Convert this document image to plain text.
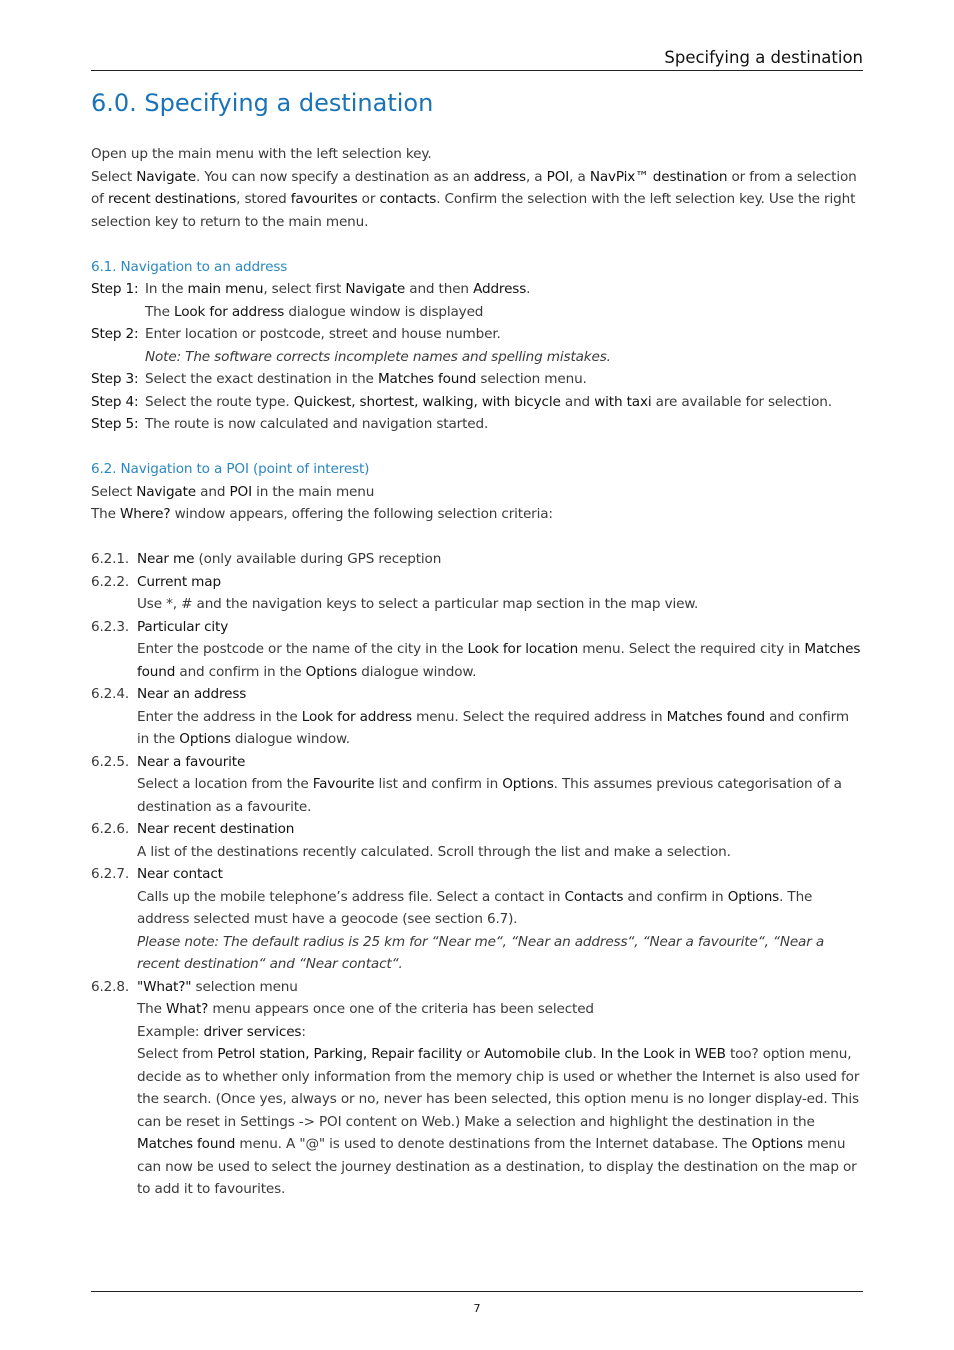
Specifying a destination
6.0. Specifying a destination

Open up the main menu with the left selection key.

Select Navigate. You can now specify a destination as an address, a POI, a NavPix™ destination or from a selection of recent destinations, stored favourites or contacts. Confirm the selection with the left selection key. Use the right selection key to return to the main menu.

6.1. Navigation to an address

Step 1: In the main menu, select first Navigate and then Address.

The Look for address dialogue window is displayed

Step 2: Enter location or postcode, street and house number.

Note: The software corrects incomplete names and spelling mistakes.

Step 3: Select the exact destination in the Matches found selection menu.
Step 4: Select the route type. Quickest, shortest, walking, with bicycle and with taxi are available for selection.
Step 5: The route is now calculated and navigation started.

6.2. Navigation to a POI (point of interest)

Select Navigate and POI in the main menu

The Where? window appears, offering the following selection criteria:

6.2.1. Near me (only available during GPS reception
6.2.2. Current map

Use *, # and the navigation keys to select a particular map section in the map view.

6.2.3. Particular city

Enter the postcode or the name of the city in the Look for location menu. Select the required city in Matches found and confirm in the Options dialogue window.

6.2.4. Near an address

Enter the address in the Look for address menu. Select the required address in Matches found and confirm in the Options dialogue window.

6.2.5. Near a favourite

Select a location from the Favourite list and confirm in Options. This assumes previous categorisation of a destination as a favourite.

6.2.6. Near recent destination

A list of the destinations recently calculated. Scroll through the list and make a selection.

6.2.7. Near contact

Calls up the mobile telephone’s address file. Select a contact in Contacts and confirm in Options. The address selected must have a geocode (see section 6.7).

Please note: The default radius is 25 km for “Near me“, “Near an address“, “Near a favourite“, “Near a recent destination“ and “Near contact“.

6.2.8. "What?" selection menu

The What? menu appears once one of the criteria has been selected

Example: driver services:

Select from Petrol station, Parking, Repair facility or Automobile club. In the Look in WEB too? option menu, decide as to whether only information from the memory chip is used or whether the Internet is also used for the search. (Once yes, always or no, never has been selected, this option menu is no longer display-ed. This can be reset in Settings -> POI content on Web.) Make a selection and highlight the destination in the Matches found menu. A "@" is used to denote destinations from the Internet database. The Options menu can now be used to select the journey destination as a destination, to display the destination on the map or to add it to favourites.

7
